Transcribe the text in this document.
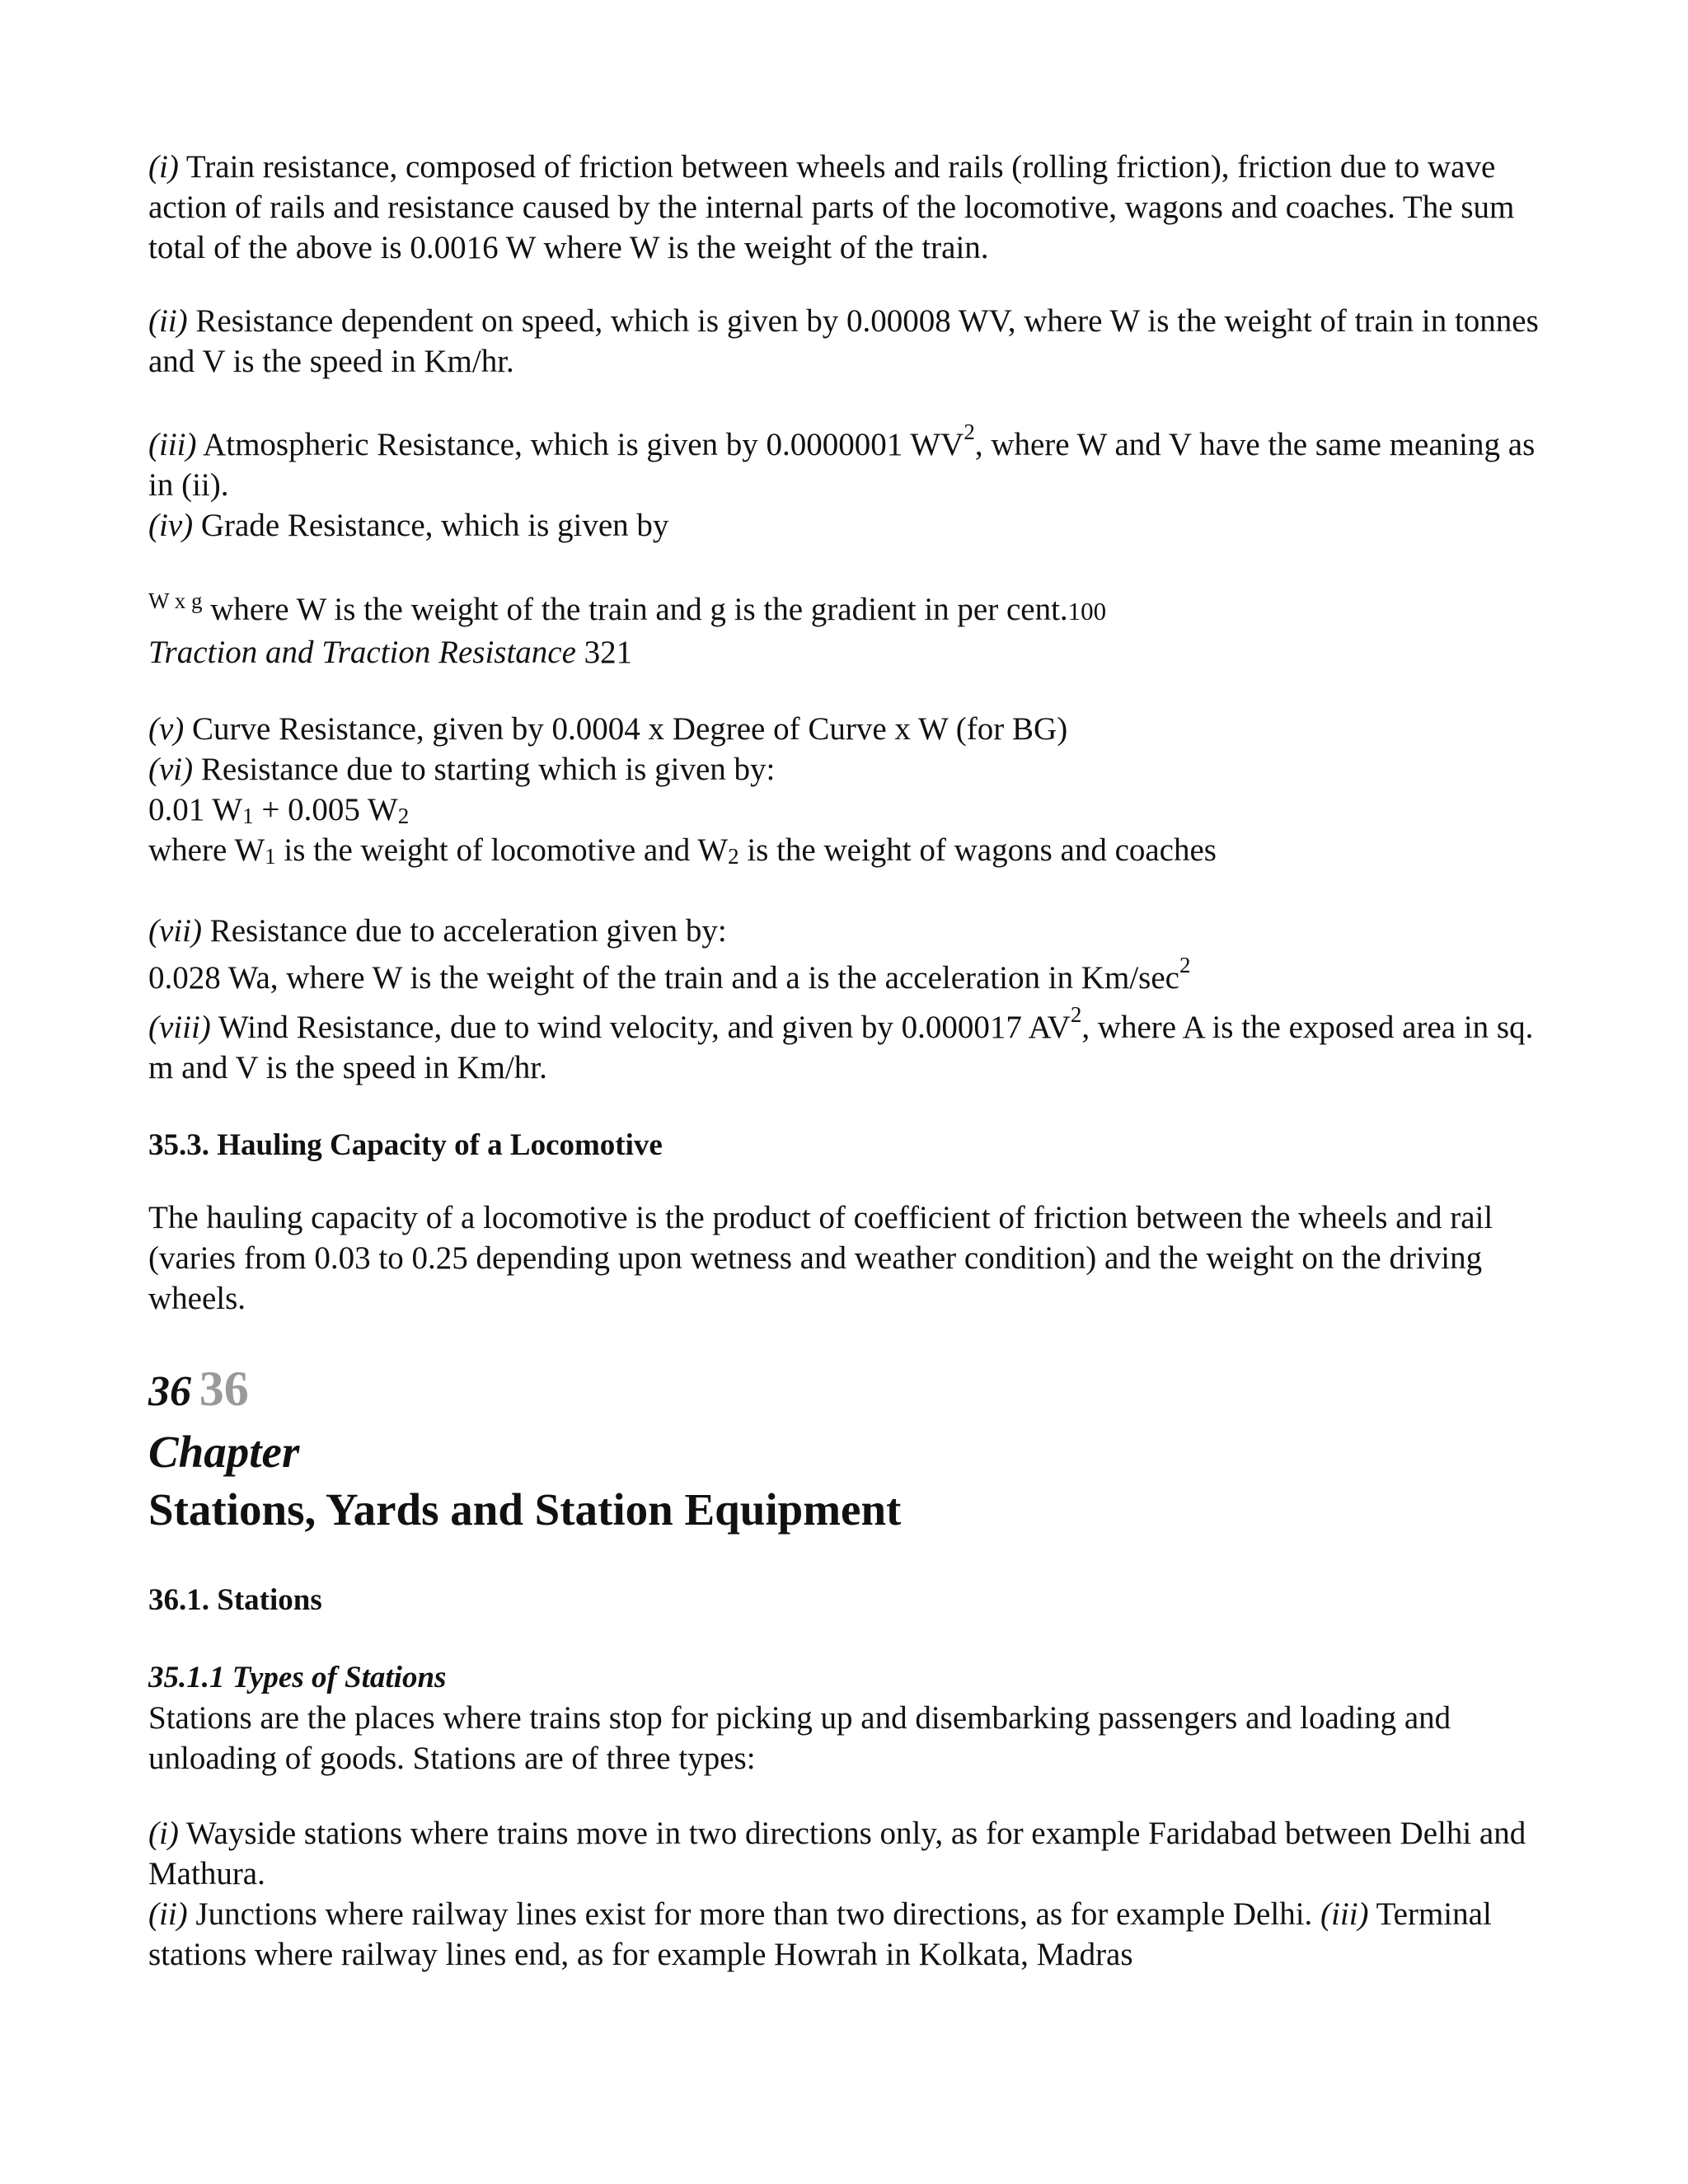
(i) Train resistance, composed of friction between wheels and rails (rolling friction), friction due to wave action of rails and resistance caused by the internal parts of the locomotive, wagons and coaches. The sum total of the above is 0.0016 W where W is the weight of the train.

(ii) Resistance dependent on speed, which is given by 0.00008 WV, where W is the weight of train in tonnes and V is the speed in Km/hr.

(iii) Atmospheric Resistance, which is given by 0.0000001 $WV^2$, where W and V have the same meaning as in (ii).
(iv) Grade Resistance, which is given by

$^{W x g}$ where W is the weight of the train and g is the gradient in per cent.100

Traction and Traction Resistance 321

(v) Curve Resistance, given by 0.0004 x Degree of Curve x W (for BG)
(vi) Resistance due to starting which is given by:
0.01 $W_1 + 0.005$ $W_2$
where $W_1$ is the weight of locomotive and $W_2$ is the weight of wagons and coaches

(vii) Resistance due to acceleration given by:

0.028 Wa, where W is the weight of the train and a is the acceleration in $Km/\sec^2$

(viii) Wind Resistance, due to wind velocity, and given by 0.000017 $AV^2$, where A is the exposed area in sq. m and V is the speed in Km/hr.

35.3. Hauling Capacity of a Locomotive

The hauling capacity of a locomotive is the product of coefficient of friction between the wheels and rail (varies from 0.03 to 0.25 depending upon wetness and weather condition) and the weight on the driving wheels.

36 36

Chapter

Stations, Yards and Station Equipment

36.1. Stations

35.1.1 Types of Stations
Stations are the places where trains stop for picking up and disembarking passengers and loading and unloading of goods. Stations are of three types:

(i) Wayside stations where trains move in two directions only, as for example Faridabad between Delhi and Mathura.
(ii) Junctions where railway lines exist for more than two directions, as for example Delhi. (iii) Terminal stations where railway lines end, as for example Howrah in Kolkata, Madras
